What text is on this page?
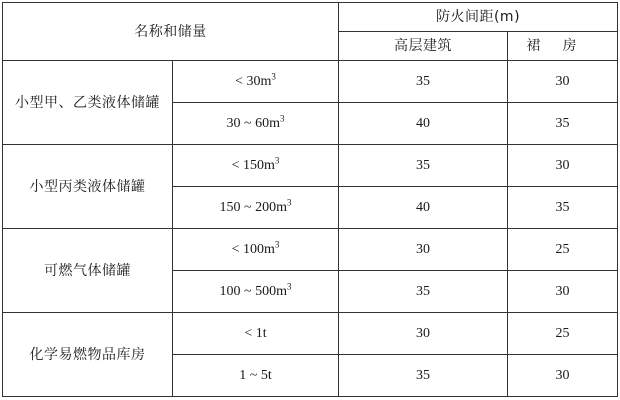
名称和储量		防火间距(m)	
		高层建筑	裙房
小型甲、乙类液体储罐	< $30m^3$	35	30
	30 ~ $60m^3$	40	35
小型丙类液体储罐	< $150m^3$	35	30
	150 ~ $200m^3$	40	35
可燃气体储罐	< $100m^3$	30	25
	100 ~ $500m^3$	35	30
化学易燃物品库房	< 1t	30	25
	1 ~ 5t	35	30
